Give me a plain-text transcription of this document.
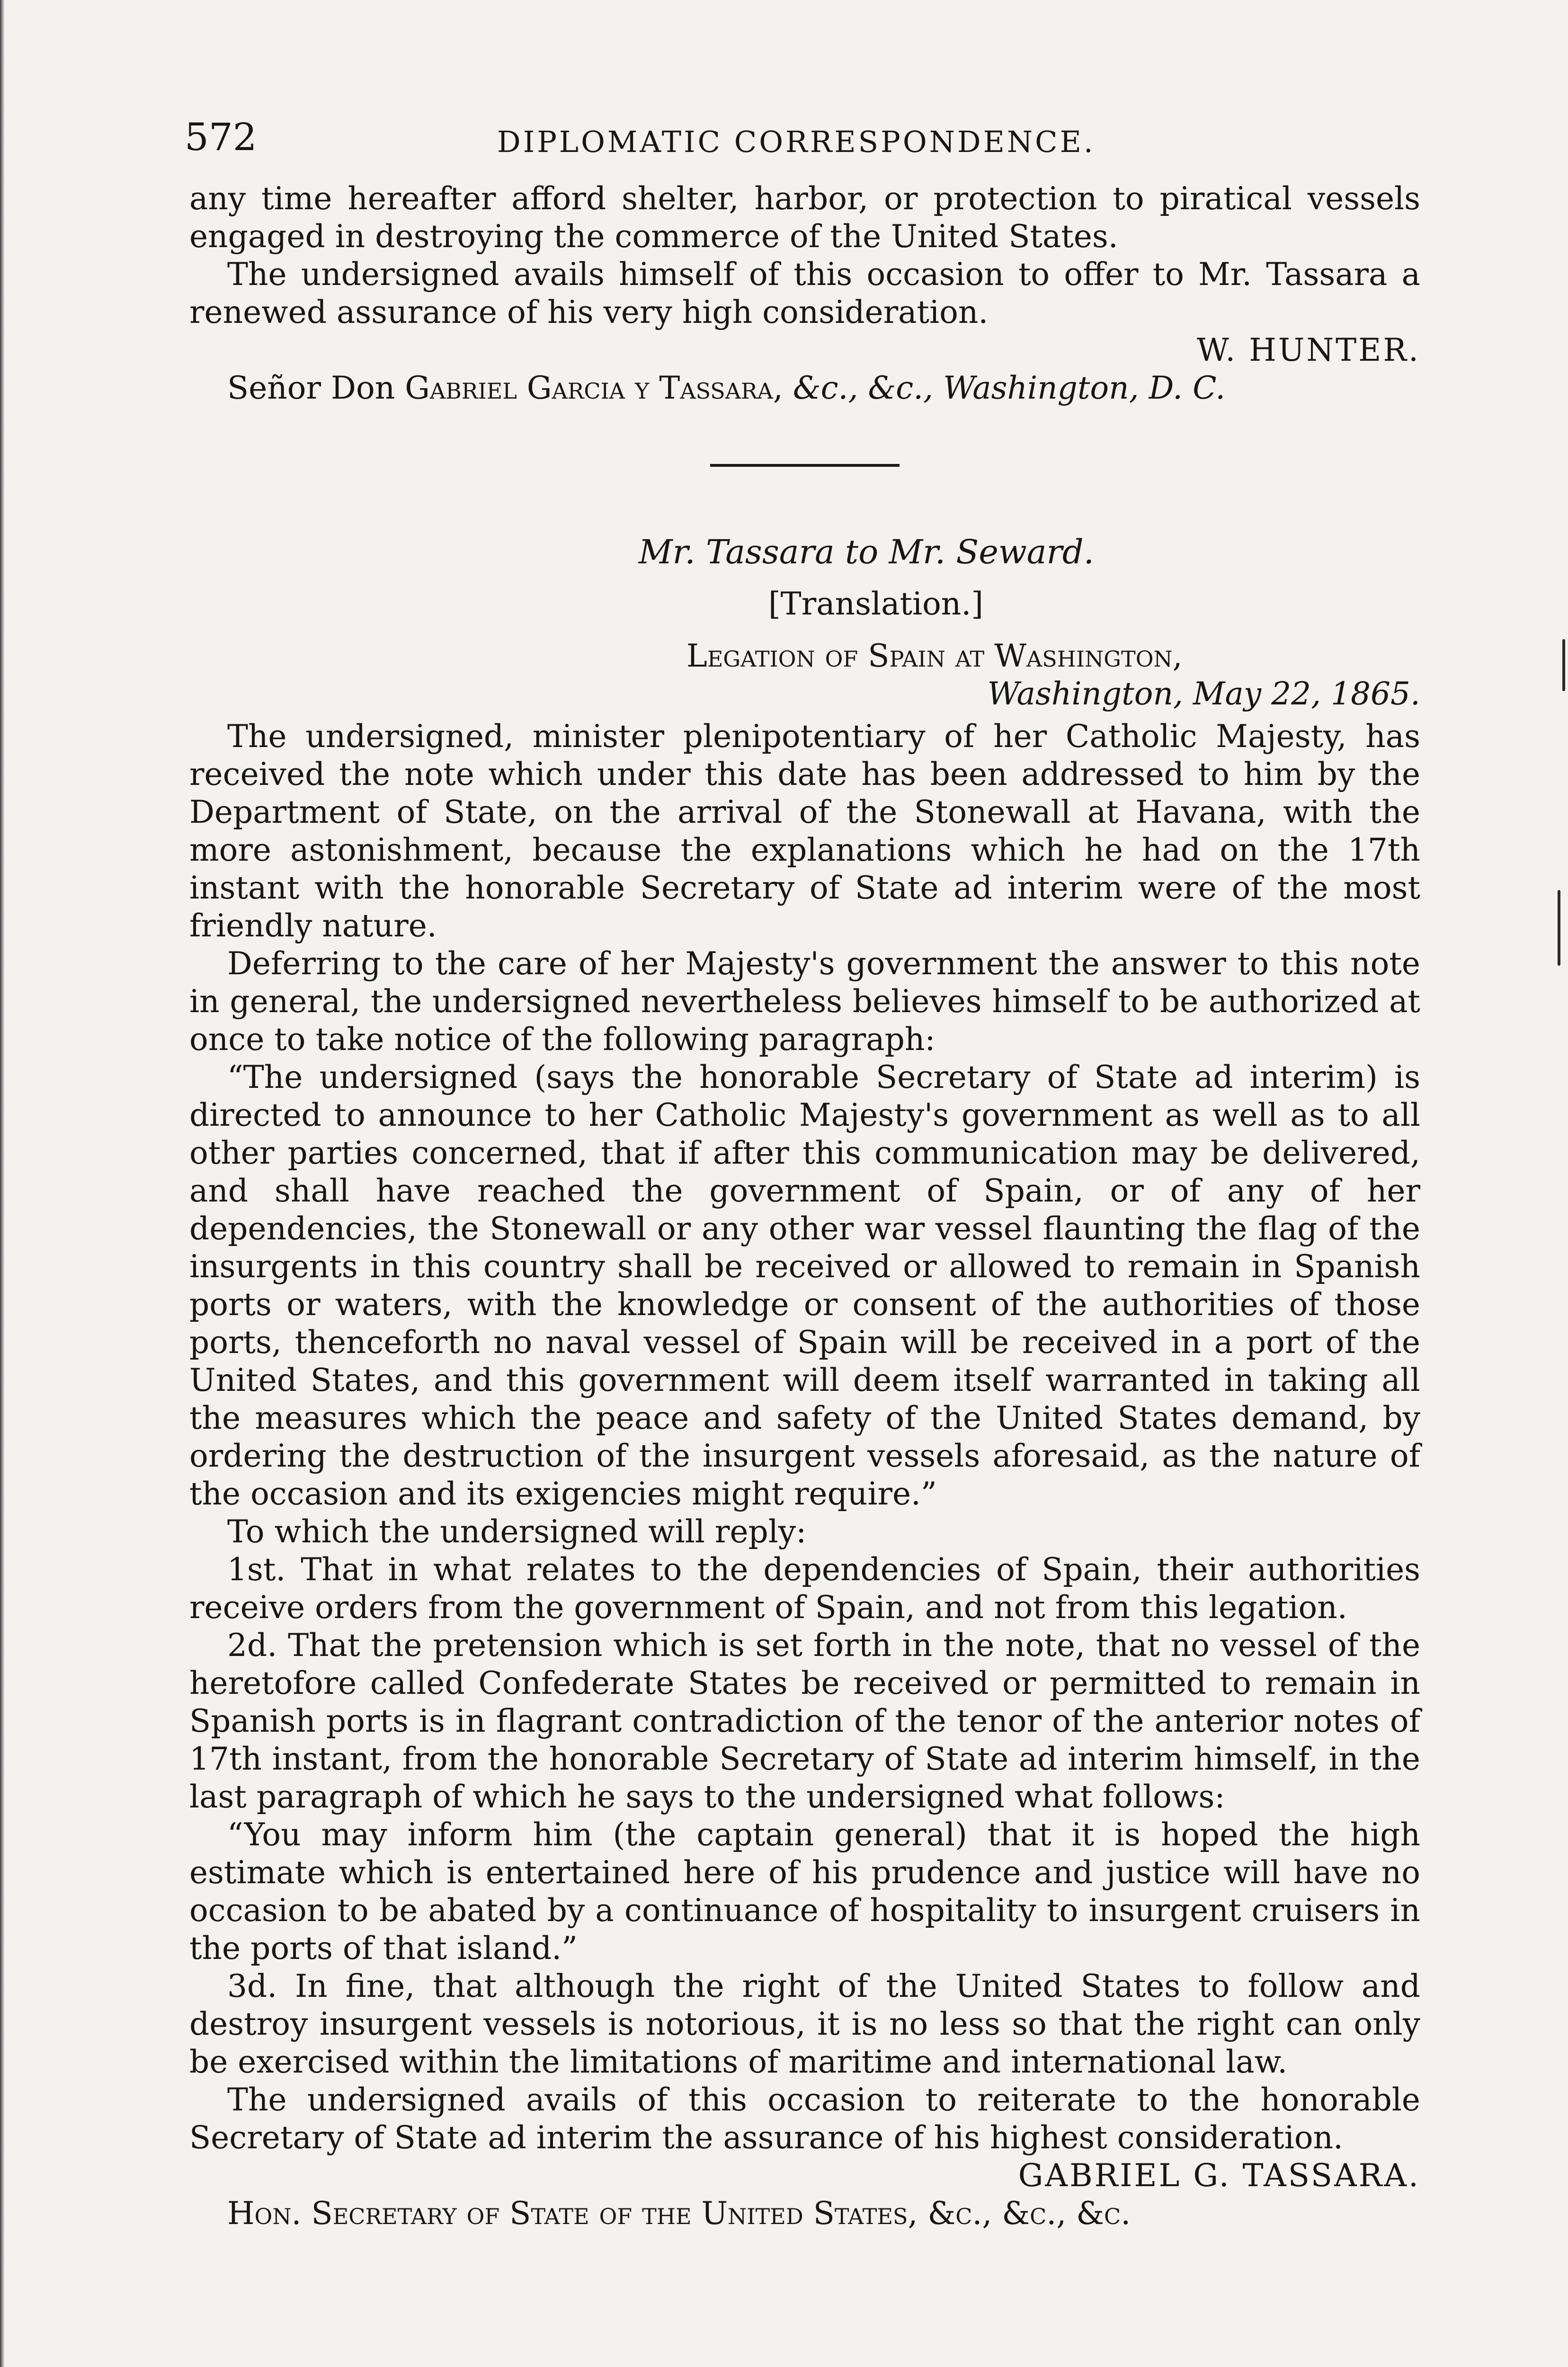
572	DIPLOMATIC CORRESPONDENCE.

any time hereafter afford shelter, harbor, or protection to piratical vessels engaged in destroying the commerce of the United States.

The undersigned avails himself of this occasion to offer to Mr. Tassara a renewed assurance of his very high consideration.

W. HUNTER.

Señor Don Gabriel Garcia y Tassara, &c., &c., Washington, D. C.

Mr. Tassara to Mr. Seward.

[Translation.]

Legation of Spain at Washington,

Washington, May 22, 1865.

The undersigned, minister plenipotentiary of her Catholic Majesty, has received the note which under this date has been addressed to him by the Department of State, on the arrival of the Stonewall at Havana, with the more astonishment, because the explanations which he had on the 17th instant with the honorable Secretary of State ad interim were of the most friendly nature.

Deferring to the care of her Majesty's government the answer to this note in general, the undersigned nevertheless believes himself to be authorized at once to take notice of the following paragraph:

“The undersigned (says the honorable Secretary of State ad interim) is directed to announce to her Catholic Majesty's government as well as to all other parties concerned, that if after this communication may be delivered, and shall have reached the government of Spain, or of any of her dependencies, the Stonewall or any other war vessel flaunting the flag of the insurgents in this country shall be received or allowed to remain in Spanish ports or waters, with the knowledge or consent of the authorities of those ports, thenceforth no naval vessel of Spain will be received in a port of the United States, and this government will deem itself warranted in taking all the measures which the peace and safety of the United States demand, by ordering the destruction of the insurgent vessels aforesaid, as the nature of the occasion and its exigencies might require.”

To which the undersigned will reply:

1st. That in what relates to the dependencies of Spain, their authorities receive orders from the government of Spain, and not from this legation.

2d. That the pretension which is set forth in the note, that no vessel of the heretofore called Confederate States be received or permitted to remain in Spanish ports is in flagrant contradiction of the tenor of the anterior notes of 17th instant, from the honorable Secretary of State ad interim himself, in the last paragraph of which he says to the undersigned what follows:

“You may inform him (the captain general) that it is hoped the high estimate which is entertained here of his prudence and justice will have no occasion to be abated by a continuance of hospitality to insurgent cruisers in the ports of that island.”

3d. In fine, that although the right of the United States to follow and destroy insurgent vessels is notorious, it is no less so that the right can only be exercised within the limitations of maritime and international law.

The undersigned avails of this occasion to reiterate to the honorable Secretary of State ad interim the assurance of his highest consideration.

GABRIEL G. TASSARA.

Hon. Secretary of State of the United States, &c., &c., &c.
